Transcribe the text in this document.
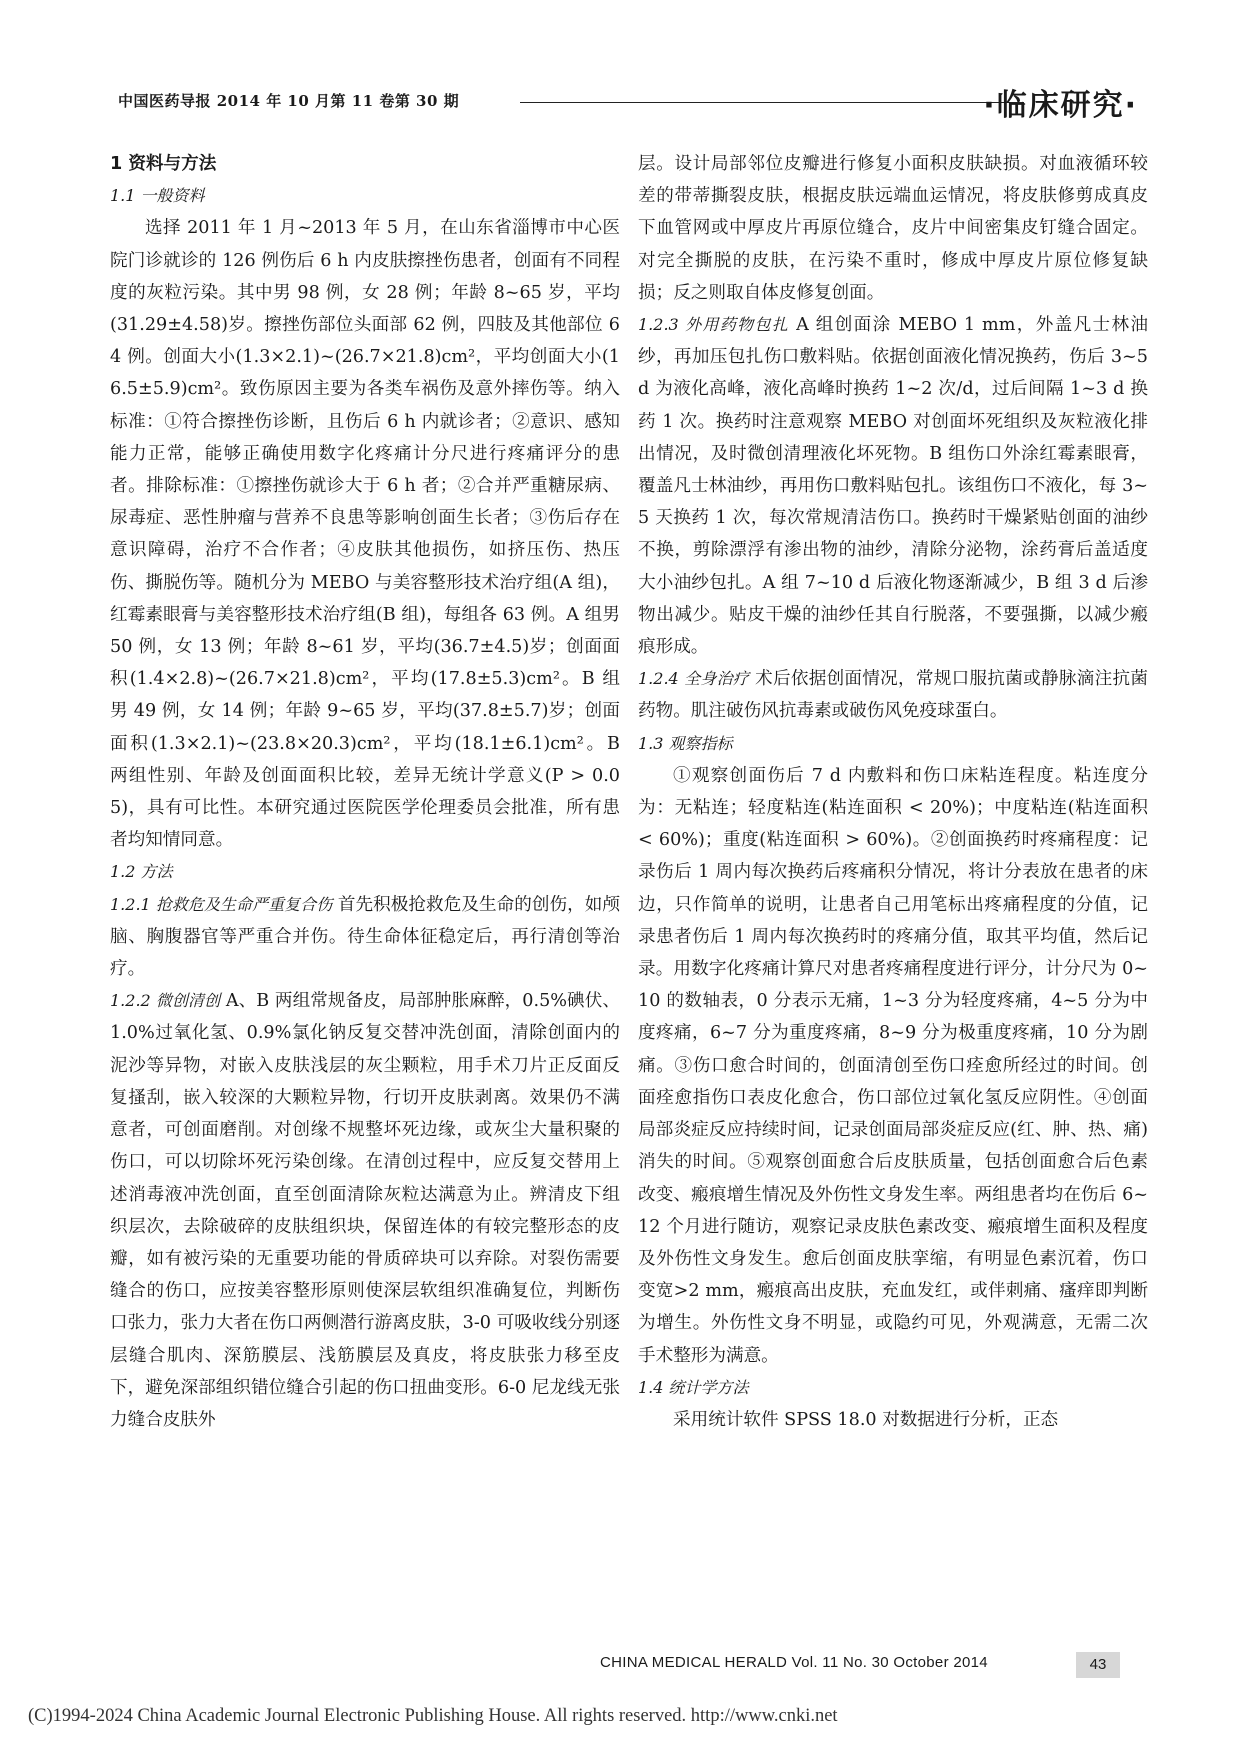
中国医药导报 2014 年 10 月第 11 卷第 30 期	·临床研究·
1 资料与方法
1.1 一般资料

选择 2011 年 1 月~2013 年 5 月，在山东省淄博市中心医院门诊就诊的 126 例伤后 6 h 内皮肤擦挫伤患者，创面有不同程度的灰粒污染。其中男 98 例，女 28 例；年龄 8~65 岁，平均(31.29±4.58)岁。擦挫伤部位头面部 62 例，四肢及其他部位 64 例。创面大小(1.3×2.1)~(26.7×21.8)cm²，平均创面大小(16.5±5.9)cm²。致伤原因主要为各类车祸伤及意外摔伤等。纳入标准：①符合擦挫伤诊断，且伤后 6 h 内就诊者；②意识、感知能力正常，能够正确使用数字化疼痛计分尺进行疼痛评分的患者。排除标准：①擦挫伤就诊大于 6 h 者；②合并严重糖尿病、尿毒症、恶性肿瘤与营养不良患等影响创面生长者；③伤后存在意识障碍，治疗不合作者；④皮肤其他损伤，如挤压伤、热压伤、撕脱伤等。随机分为 MEBO 与美容整形技术治疗组(A 组)，红霉素眼膏与美容整形技术治疗组(B 组)，每组各 63 例。A 组男 50 例，女 13 例；年龄 8~61 岁，平均(36.7±4.5)岁；创面面积(1.4×2.8)~(26.7×21.8)cm²，平均(17.8±5.3)cm²。B 组男 49 例，女 14 例；年龄 9~65 岁，平均(37.8±5.7)岁；创面面积(1.3×2.1)~(23.8×20.3)cm²，平均(18.1±6.1)cm²。B 两组性别、年龄及创面面积比较，差异无统计学意义(P > 0.05)，具有可比性。本研究通过医院医学伦理委员会批准，所有患者均知情同意。

1.2 方法

1.2.1 抢救危及生命严重复合伤 首先积极抢救危及生命的创伤，如颅脑、胸腹器官等严重合并伤。待生命体征稳定后，再行清创等治疗。

1.2.2 微创清创 A、B 两组常规备皮，局部肿胀麻醉，0.5%碘伏、1.0%过氧化氢、0.9%氯化钠反复交替冲洗创面，清除创面内的泥沙等异物，对嵌入皮肤浅层的灰尘颗粒，用手术刀片正反面反复搔刮，嵌入较深的大颗粒异物，行切开皮肤剥离。效果仍不满意者，可创面磨削。对创缘不规整坏死边缘，或灰尘大量积聚的伤口，可以切除坏死污染创缘。在清创过程中，应反复交替用上述消毒液冲洗创面，直至创面清除灰粒达满意为止。辨清皮下组织层次，去除破碎的皮肤组织块，保留连体的有较完整形态的皮瓣，如有被污染的无重要功能的骨质碎块可以弃除。对裂伤需要缝合的伤口，应按美容整形原则使深层软组织准确复位，判断伤口张力，张力大者在伤口两侧潜行游离皮肤，3-0 可吸收线分别逐层缝合肌肉、深筋膜层、浅筋膜层及真皮，将皮肤张力移至皮下，避免深部组织错位缝合引起的伤口扭曲变形。6-0 尼龙线无张力缝合皮肤外

层。设计局部邻位皮瓣进行修复小面积皮肤缺损。对血液循环较差的带蒂撕裂皮肤，根据皮肤远端血运情况，将皮肤修剪成真皮下血管网或中厚皮片再原位缝合，皮片中间密集皮钉缝合固定。对完全撕脱的皮肤，在污染不重时，修成中厚皮片原位修复缺损；反之则取自体皮修复创面。

1.2.3 外用药物包扎 A 组创面涂 MEBO 1 mm，外盖凡士林油纱，再加压包扎伤口敷料贴。依据创面液化情况换药，伤后 3~5 d 为液化高峰，液化高峰时换药 1~2 次/d，过后间隔 1~3 d 换药 1 次。换药时注意观察 MEBO 对创面坏死组织及灰粒液化排出情况，及时微创清理液化坏死物。B 组伤口外涂红霉素眼膏，覆盖凡士林油纱，再用伤口敷料贴包扎。该组伤口不液化，每 3~5 天换药 1 次，每次常规清洁伤口。换药时干燥紧贴创面的油纱不换，剪除漂浮有渗出物的油纱，清除分泌物，涂药膏后盖适度大小油纱包扎。A 组 7~10 d 后液化物逐渐减少，B 组 3 d 后渗物出减少。贴皮干燥的油纱任其自行脱落，不要强撕，以减少瘢痕形成。

1.2.4 全身治疗 术后依据创面情况，常规口服抗菌或静脉滴注抗菌药物。肌注破伤风抗毒素或破伤风免疫球蛋白。

1.3 观察指标

①观察创面伤后 7 d 内敷料和伤口床粘连程度。粘连度分为：无粘连；轻度粘连(粘连面积 < 20%)；中度粘连(粘连面积 < 60%)；重度(粘连面积 > 60%)。②创面换药时疼痛程度：记录伤后 1 周内每次换药后疼痛积分情况，将计分表放在患者的床边，只作简单的说明，让患者自己用笔标出疼痛程度的分值，记录患者伤后 1 周内每次换药时的疼痛分值，取其平均值，然后记录。用数字化疼痛计算尺对患者疼痛程度进行评分，计分尺为 0~10 的数轴表，0 分表示无痛，1~3 分为轻度疼痛，4~5 分为中度疼痛，6~7 分为重度疼痛，8~9 分为极重度疼痛，10 分为剧痛。③伤口愈合时间的，创面清创至伤口痊愈所经过的时间。创面痊愈指伤口表皮化愈合，伤口部位过氧化氢反应阴性。④创面局部炎症反应持续时间，记录创面局部炎症反应(红、肿、热、痛)消失的时间。⑤观察创面愈合后皮肤质量，包括创面愈合后色素改变、瘢痕增生情况及外伤性文身发生率。两组患者均在伤后 6~12 个月进行随访，观察记录皮肤色素改变、瘢痕增生面积及程度及外伤性文身发生。愈后创面皮肤挛缩，有明显色素沉着，伤口变宽>2 mm，瘢痕高出皮肤，充血发红，或伴刺痛、瘙痒即判断为增生。外伤性文身不明显，或隐约可见，外观满意，无需二次手术整形为满意。

1.4 统计学方法

采用统计软件 SPSS 18.0 对数据进行分析，正态

CHINA MEDICAL HERALD Vol. 11 No. 30 October 2014	43
(C)1994-2024 China Academic Journal Electronic Publishing House. All rights reserved. http://www.cnki.net
